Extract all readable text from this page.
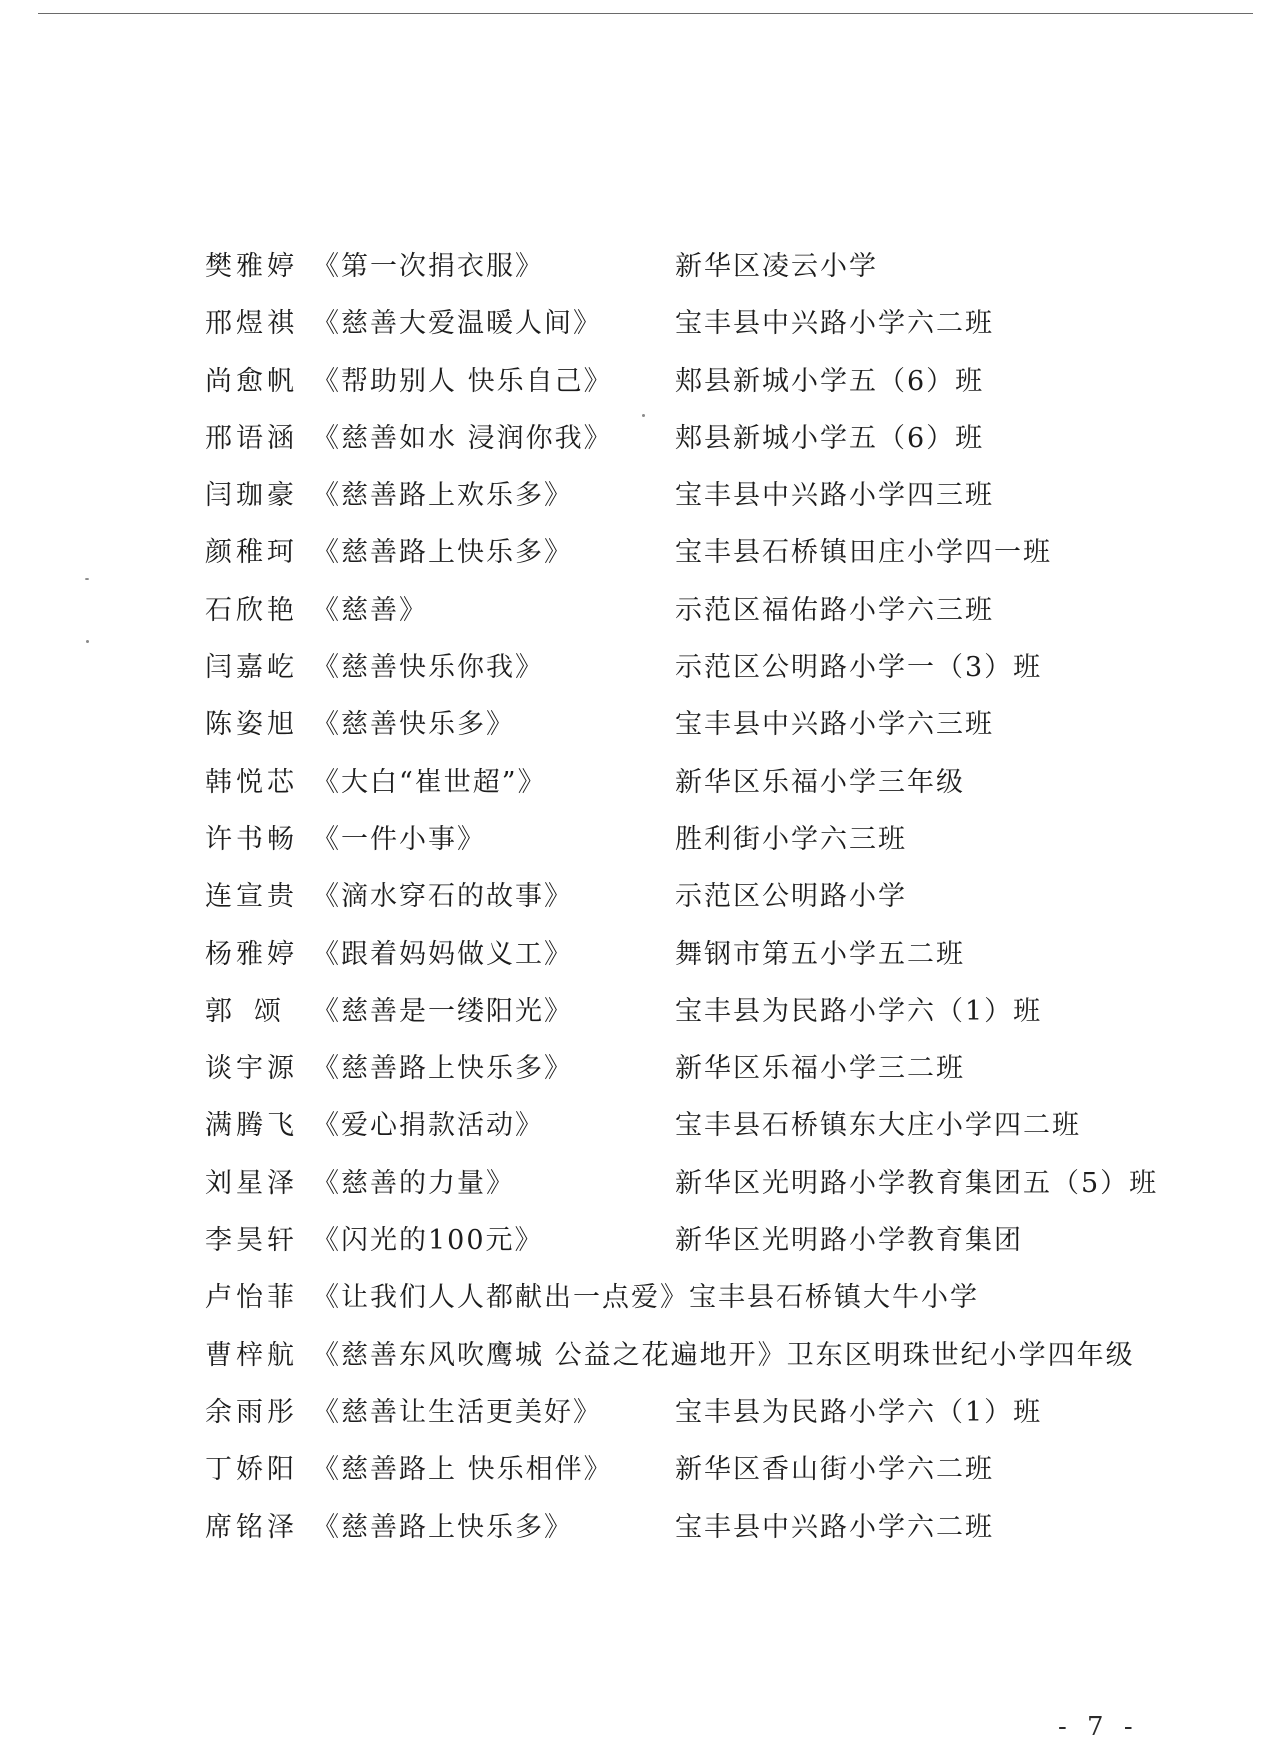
樊雅婷 《第一次捐衣服》	新华区凌云小学
邢煜祺 《慈善大爱温暖人间》	宝丰县中兴路小学六二班
尚愈帆 《帮助别人 快乐自己》 郏县新城小学五（6）班
邢语涵 《慈善如水 浸润你我》 郏县新城小学五（6）班
闫珈豪 《慈善路上欢乐多》	宝丰县中兴路小学四三班
颜稚珂 《慈善路上快乐多》	宝丰县石桥镇田庄小学四一班
石欣艳 《慈善》	示范区福佑路小学六三班
闫嘉屹 《慈善快乐你我》	示范区公明路小学一（3）班
陈姿旭 《慈善快乐多》	宝丰县中兴路小学六三班
韩悦芯 《大白“崔世超”》	新华区乐福小学三年级
许书畅 《一件小事》	胜利街小学六三班
连宣贵 《滴水穿石的故事》	示范区公明路小学
杨雅婷 《跟着妈妈做义工》	舞钢市第五小学五二班
郭颂 《慈善是一缕阳光》	宝丰县为民路小学六（1）班
谈宇源 《慈善路上快乐多》	新华区乐福小学三二班
满腾飞 《爱心捐款活动》	宝丰县石桥镇东大庄小学四二班
刘星泽 《慈善的力量》	新华区光明路小学教育集团五（5）班
李昊轩 《闪光的100元》	新华区光明路小学教育集团
卢怡菲 《让我们人人都献出一点爱》宝丰县石桥镇大牛小学
曹梓航 《慈善东风吹鹰城 公益之花遍地开》卫东区明珠世纪小学四年级
余雨彤 《慈善让生活更美好》	宝丰县为民路小学六（1）班
丁娇阳 《慈善路上 快乐相伴》 新华区香山街小学六二班
席铭泽 《慈善路上快乐多》	宝丰县中兴路小学六二班
- 7 -
